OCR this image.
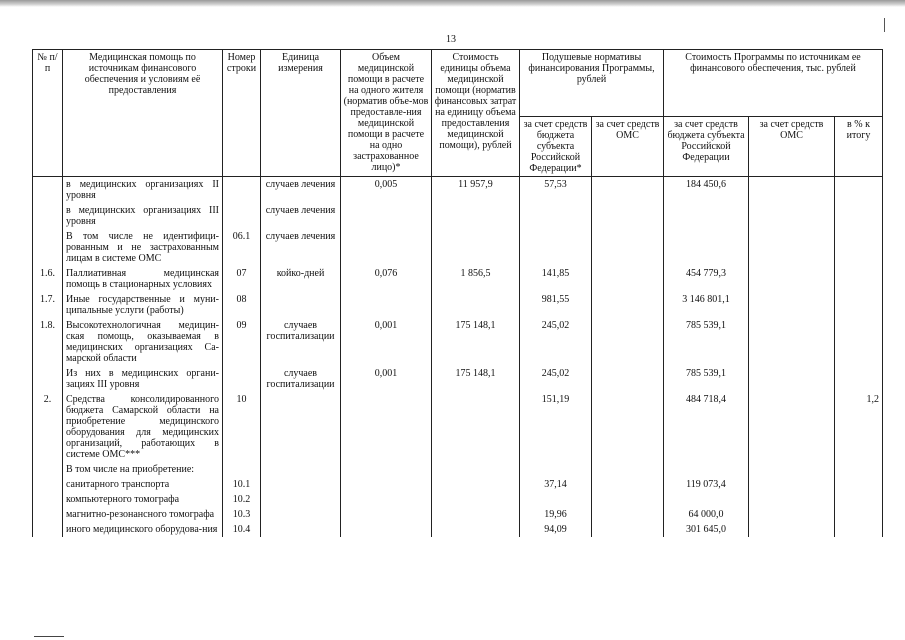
13
№ п/п	Медицинская помощь по источникам финансового обеспечения и условиям её предоставления	Номер строки	Единица измерения	Объем медицинской помощи в расчете на одного жителя (норматив объе-мов предоставле-ния медицинской помощи в расчете на одно застрахованное лицо)*	Стоимость единицы объема медицинской помощи (норматив финансовых затрат на единицу объема предоставления медицинской помощи), рублей	Подушевые нормативы финансирования Программы, рублей		Стоимость Программы по источникам ее финансового обеспечения, тыс. рублей		
						за счет средств бюджета субъекта Российской Федерации*	за счет средств ОМС	за счет средств бюджета субъекта Российской Федерации	за счет средств ОМС	в % к итогу
	в медицинских организациях II уровня		случаев лечения	0,005	11 957,9	57,53		184 450,6		
	в медицинских организациях III уровня		случаев лечения							
	В том числе не идентифици-рованным и не застрахованным лицам в системе ОМС	06.1	случаев лечения							
1.6.	Паллиативная медицинская помощь в стационарных условиях	07	койко-дней	0,076	1 856,5	141,85		454 779,3		
1.7.	Иные государственные и муни-ципальные услуги (работы)	08				981,55		3 146 801,1		
1.8.	Высокотехнологичная медицин-ская помощь, оказываемая в медицинских организациях Са-марской области	09	случаев госпитализации	0,001	175 148,1	245,02		785 539,1		
	Из них в медицинских органи-зациях III уровня		случаев госпитализации	0,001	175 148,1	245,02		785 539,1		
2.	Средства консолидированного бюджета Самарской области на приобретение медицинского оборудования для медицинских организаций, работающих в системе ОМС***	10				151,19		484 718,4		1,2
	В том числе на приобретение:									
	санитарного транспорта	10.1				37,14		119 073,4		
	компьютерного томографа	10.2								
	магнитно-резонансного томографа	10.3				19,96		64 000,0		
	иного медицинского оборудова-ния	10.4				94,09		301 645,0		
